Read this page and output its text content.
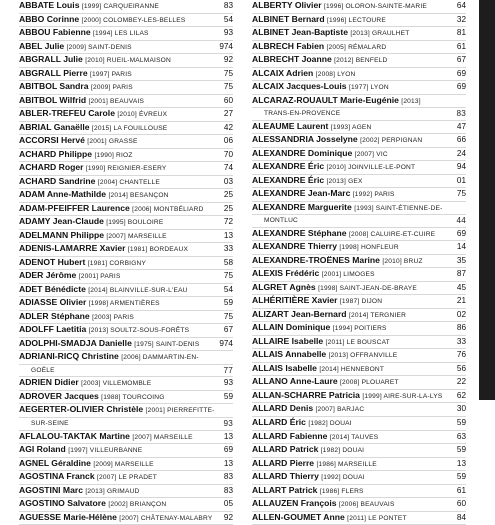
ABBATE Louis [1999] CARQUEIRANNE	83
ABBO Corinne [2000] COLOMBEY-LES-BELLES	54
ABBOU Fabienne [1994] LES LILAS	93
ABEL Julie [2009] SAINT-DENIS	974
ABGRALL Julie [2010] RUEIL-MALMAISON	92
ABGRALL Pierre [1997] PARIS	75
ABITBOL Sandra [2009] PARIS	75
ABITBOL Wilfrid [2001] BEAUVAIS	60
ABLER-TREFEU Carole [2010] ÉVREUX	27
ABRIAL Ganaëlle [2015] LA FOUILLOUSE	42
ACCORSI Hervé [2001] GRASSE	06
ACHARD Philippe [1990] RIOZ	70
ACHARD Roger [1990] REIGNIER-ESERY	74
ACHARD Sandrine [2004] CHANTELLE	03
ADAM Anne-Mathilde [2014] BESANÇON	25
ADAM-PFEIFFER Laurence [2006] MONTBÉLIARD 25
ADAMY Jean-Claude [1995] BOULOIRE	72
ADELMANN Philippe [2007] MARSEILLE	13
ADENIS-LAMARRE Xavier [1981] BORDEAUX	33
ADENOT Hubert [1981] CORBIGNY	58
ADER Jérôme [2001] PARIS	75
ADET Bénédicte [2014] BLAINVILLE-SUR-L'EAU	54
ADIASSE Olivier [1998] ARMENTIÈRES	59
ADLER Stéphane [2003] PARIS	75
ADOLFF Laetitia [2013] SOULTZ-SOUS-FORÊTS	67
ADOLPHI-SMADJA Danielle [1975] SAINT-DENIS 974
ADRIANI-RICQ Christine [2006] DAMMARTIN-EN-
GOËLE	77
ADRIEN Didier [2003] VILLEMOMBLE	93
ADROVER Jacques [1988] TOURCOING	59
AEGERTER-OLIVIER Christèle [2001] PIERREFITTE-
SUR-SEINE	93
AFLALOU-TAKTAK Martine [2007] MARSEILLE	13
AGI Roland [1997] VILLEURBANNE	69
AGNEL Géraldine [2009] MARSEILLE	13
AGOSTINA Franck [2007] LE PRADET	83
AGOSTINI Marc [2013] GRIMAUD	83
AGOSTINO Salvatore [2002] BRIANÇON	05
AGUESSE Marie-Hélène [2007] CHÂTENAY-MALABRY 92
ALBERTY Olivier [1996] OLORON-SAINTE-MARIE	64
ALBINET Bernard [1996] LECTOURE	32
ALBINET Jean-Baptiste [2013] GRAULHET	81
ALBRECH Fabien [2005] RÉMALARD	61
ALBRECHT Joanne [2012] BENFELD	67
ALCAIX Adrien [2008] LYON	69
ALCAIX Jacques-Louis [1977] LYON	69
ALCARAZ-ROUAULT Marie-Eugénie [2013]
TRANS-EN-PROVENCE	83
ALEAUME Laurent [1993] AGEN	47
ALESSANDRIA Josselyne [2002] PERPIGNAN	66
ALEXANDRE Dominique [2007] VIC	24
ALEXANDRE Éric [2010] JOINVILLE-LE-PONT	94
ALEXANDRE Éric [2013] GEX	01
ALEXANDRE Jean-Marc [1992] PARIS	75
ALEXANDRE Marguerite [1993] SAINT-ÉTIENNE-DE-
MONTLUC	44
ALEXANDRE Stéphane [2008] CALUIRE-ET-CUIRE	69
ALEXANDRE Thierry [1998] HONFLEUR	14
ALEXANDRE-TROËNES Marine [2010] BRUZ	35
ALEXIS Frédéric [2001] LIMOGES	87
ALGRET Agnès [1998] SAINT-JEAN-DE-BRAYE	45
ALHÉRITIÈRE Xavier [1987] DIJON	21
ALIZART Jean-Bernard [2014] TERGNIER	02
ALLAIN Dominique [1994] POITIERS	86
ALLAIRE Isabelle [2011] LE BOUSCAT	33
ALLAIS Annabelle [2013] OFFRANVILLE	76
ALLAIS Isabelle [2014] HENNEBONT	56
ALLANO Anne-Laure [2008] PLOUARET	22
ALLAN-SCHARRE Patricia [1999] AIRE-SUR-LA-LYS 62
ALLARD Denis [2007] BARJAC	30
ALLARD Éric [1982] DOUAI	59
ALLARD Fabienne [2014] TAUVES	63
ALLARD Patrick [1982] DOUAI	59
ALLARD Pierre [1986] MARSEILLE	13
ALLARD Thierry [1992] DOUAI	59
ALLART Patrick [1986] FLERS	61
ALLAUZEN François [2006] BEAUVAIS	60
ALLEN-GOUMET Anne [2011] LE PONTET	84
